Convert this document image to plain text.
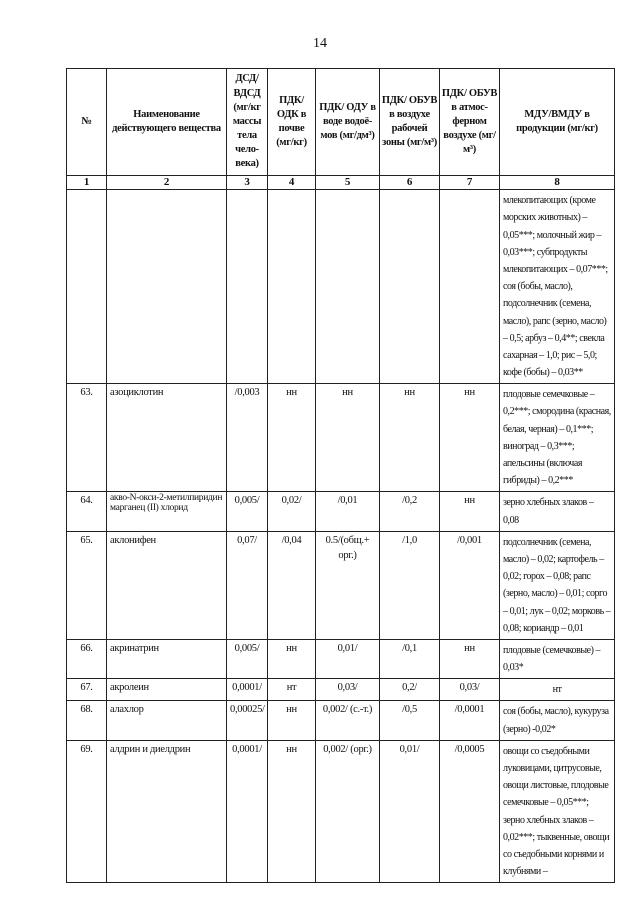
14
№	Наименование действующего вещества	ДСД/ ВДСД (мг/кг массы тела чело-века)	ПДК/ ОДК в почве (мг/кг)	ПДК/ ОДУ в воде водоё-мов (мг/дм³)	ПДК/ ОБУВ в воздухе рабочей зоны (мг/м³)	ПДК/ ОБУВ в атмос-ферном воздухе (мг/м³)	МДУ/ВМДУ в продукции (мг/кг)
1	2	3	4	5	6	7	8
							млекопитающих (кроме морских животных) – 0,05***; молочный жир –0,03***; субпродукты млекопитающих – 0,07***; соя (бобы, масло), подсолнечник (семена, масло), рапс (зерно, масло) – 0,5; арбуз – 0,4**; свекла сахарная – 1,0; рис – 5,0; кофе (бобы) – 0,03**
63.	азоциклотин	/0,003	нн	нн	нн	нн	плодовые семечковые – 0,2***; смородина (красная, белая, черная) – 0,1***; виноград – 0,3***; апельсины (включая гибриды) – 0,2***
64.	акво-N-окси-2-метилпиридин марганец (II) хлорид	0,005/	0,02/	/0,01	/0,2	нн	зерно хлебных злаков – 0,08
65.	аклонифен	0,07/	/0,04	0.5/(общ.+ орг.)	/1,0	/0,001	подсолнечник (семена, масло) – 0,02; картофель – 0,02; горох – 0,08; рапс (зерно, масло) – 0,01; сорго – 0,01; лук – 0,02; морковь – 0,08; кориандр – 0,01
66.	акринатрин	0,005/	нн	0,01/	/0,1	нн	плодовые (семечковые) – 0,03*
67.	акролеин	0,0001/	нт	0,03/	0,2/	0,03/	нт
68.	алахлор	0,00025/	нн	0,002/ (с.-т.)	/0,5	/0,0001	соя (бобы, масло), кукуруза (зерно) -0,02*
69.	алдрин и диелдрин	0,0001/	нн	0,002/ (орг.)	0,01/	/0,0005	овощи со съедобными луковицами, цитрусовые, овощи листовые, плодовые семечковые – 0,05***; зерно хлебных злаков – 0,02***; тыквенные, овощи со съедобными корнями и клубнями –
